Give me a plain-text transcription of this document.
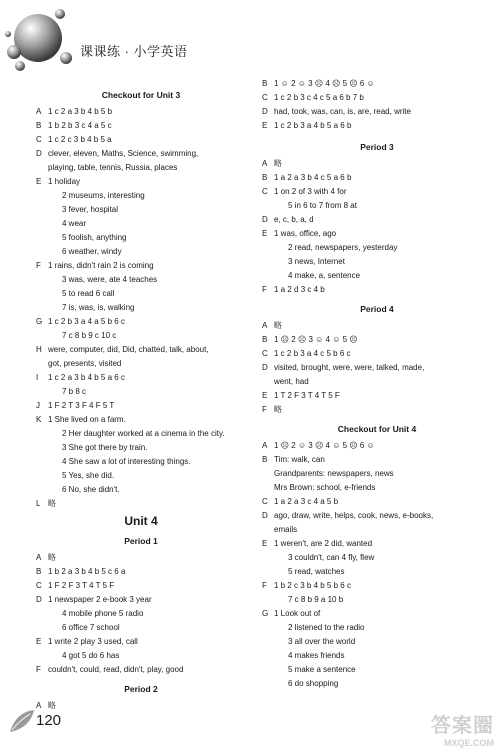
课课练 · 小学英语
Checkout for Unit 3
A 1 c 2 a 3 b 4 b 5 b
B 1 b 2 b 3 c 4 a 5 c
C 1 c 2 c 3 b 4 b 5 a
D clever, eleven, Maths, Science, swimming,
playing, table, tennis, Russia, places
E 1 holiday
2 museums, interesting
3 fever, hospital
4 wear
5 foolish, anything
6 weather, windy
F 1 rains, didn't rain 2 is coming
3 was, were, ate 4 teaches
5 to read 6 call
7 is, was, is, walking
G 1 c 2 b 3 a 4 a 5 b 6 c
7 c 8 b 9 c 10 c
H were, computer, did, Did, chatted, talk, about,
got, presents, visited
I	1 c 2 a 3 b 4 b 5 a 6 c
7 b 8 c
J	1 F 2 T 3 F 4 F 5 T
K 1 She lived on a farm.
2 Her daughter worked at a cinema in the city.
3 She got there by train.
4 She saw a lot of interesting things.
5 Yes, she did.
6 No, she didn't.
L 略
Unit 4
Period 1
A 略
B 1 b 2 a 3 b 4 b 5 c 6 a
C 1 F 2 F 3 T 4 T 5 F
D 1 newspaper 2 e-book 3 year
4 mobile phone 5 radio
6 office 7 school
E 1 write 2 play 3 used, call
4 got 5 do 6 has
F couldn't, could, read, didn't, play, good
Period 2
A 略
B 1 ☺ 2 ☺ 3 ☹ 4 ☹ 5 ☹ 6 ☺
C 1 c 2 b 3 c 4 c 5 a 6 b 7 b
D had, took, was, can, is, are, read, write
E 1 c 2 b 3 a 4 b 5 a 6 b
Period 3
A 略
B 1 a 2 a 3 b 4 c 5 a 6 b
C 1 on 2 of 3 with 4 for
5 in 6 to 7 from 8 at
D e, c, b, a, d
E 1 was, office, ago
2 read, newspapers, yesterday
3 news, Internet
4 make, a, sentence
F 1 a 2 d 3 c 4 b
Period 4
A 略
B 1 ☹ 2 ☹ 3 ☺ 4 ☺ 5 ☹
C 1 c 2 b 3 a 4 c 5 b 6 c
D visited, brought, were, were, talked, made,
went, had
E 1 T 2 F 3 T 4 T 5 F
F 略
Checkout for Unit 4
A 1 ☹ 2 ☺ 3 ☹ 4 ☺ 5 ☹ 6 ☺
B Tim: walk, can
Grandparents: newspapers, news
Mrs Brown: school, e-friends
C 1 a 2 a 3 c 4 a 5 b
D ago, draw, write, helps, cook, news, e-books,
emails
E 1 weren't, are 2 did, wanted
3 couldn't, can 4 fly, flew
5 read, watches
F 1 b 2 c 3 b 4 b 5 b 6 c
7 c 8 b 9 a 10 b
G 1 Look out of
2 listened to the radio
3 all over the world
4 makes friends
5 make a sentence
6 do shopping
120	答案圈
MXQE.COM
